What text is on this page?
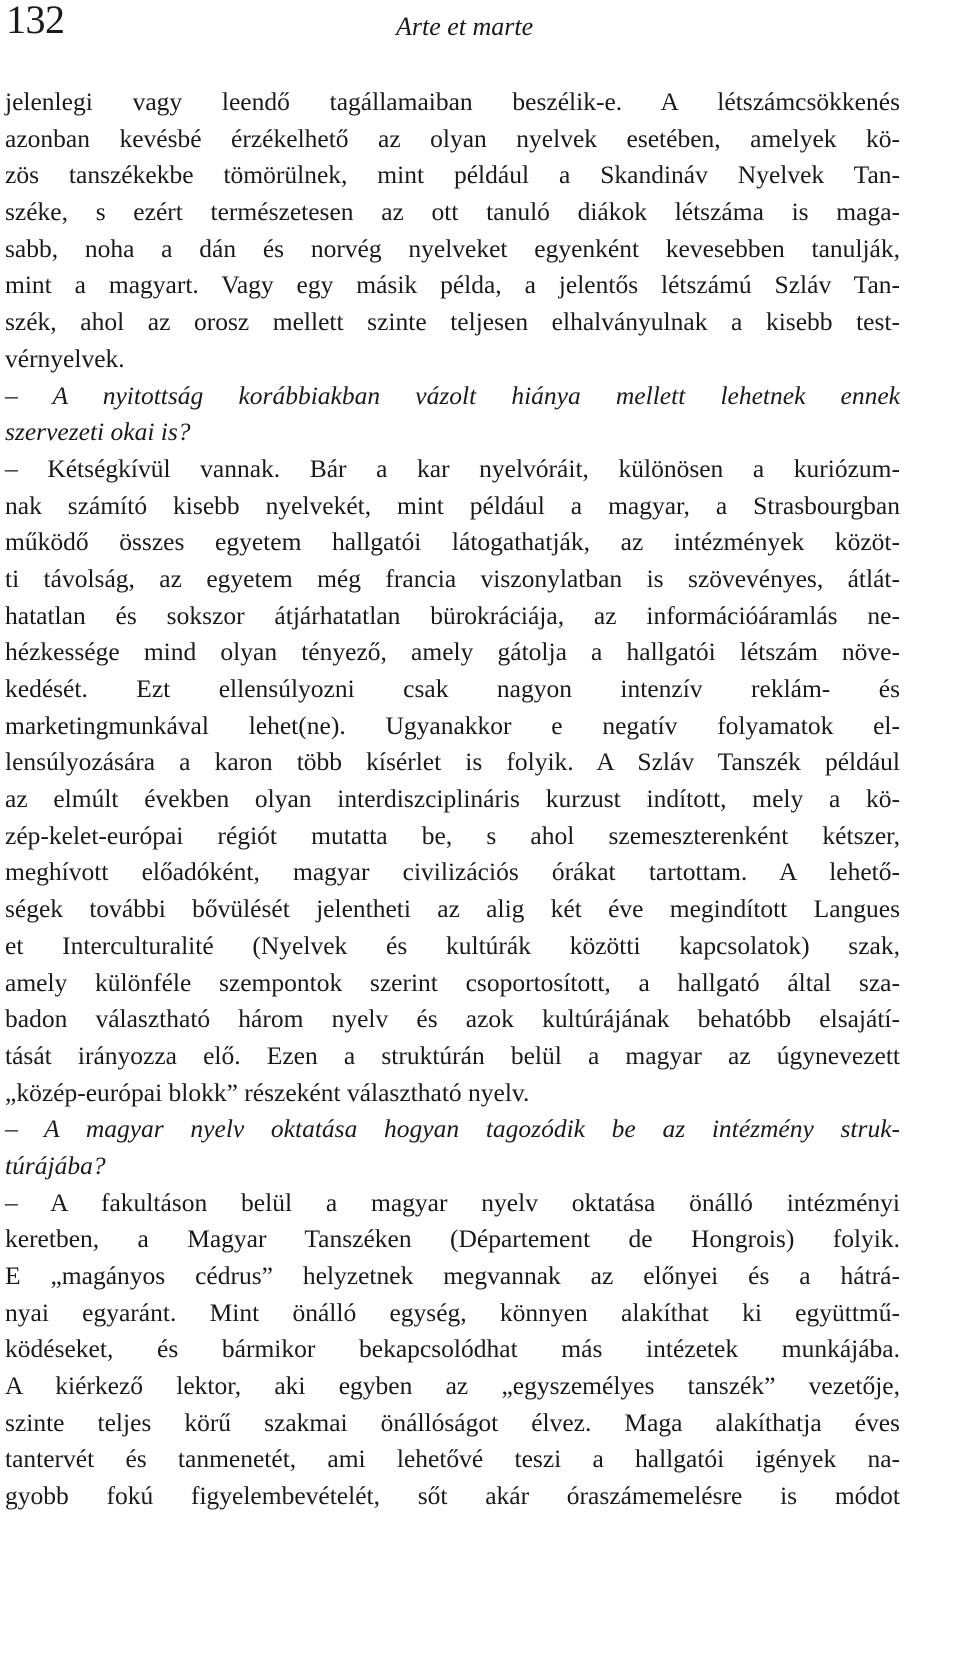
132	Arte et marte
jelenlegi vagy leendő tagállamaiban beszélik-e. A létszámcsökkenés
azonban kevésbé érzékelhető az olyan nyelvek esetében, amelyek kö-
zös tanszékekbe tömörülnek, mint például a Skandináv Nyelvek Tan-
széke, s ezért természetesen az ott tanuló diákok létszáma is maga-
sabb, noha a dán és norvég nyelveket egyenként kevesebben tanulják,
mint a magyart. Vagy egy másik példa, a jelentős létszámú Szláv Tan-
szék, ahol az orosz mellett szinte teljesen elhalványulnak a kisebb test-
vérnyelvek.
– A nyitottság korábbiakban vázolt hiánya mellett lehetnek ennek
szervezeti okai is?
– Kétségkívül vannak. Bár a kar nyelvóráit, különösen a kuriózum-
nak számító kisebb nyelvekét, mint például a magyar, a Strasbourgban
működő összes egyetem hallgatói látogathatják, az intézmények közöt-
ti távolság, az egyetem még francia viszonylatban is szövevényes, átlát-
hatatlan és sokszor átjárhatatlan bürokráciája, az információáramlás ne-
hézkessége mind olyan tényező, amely gátolja a hallgatói létszám növe-
kedését. Ezt ellensúlyozni csak nagyon intenzív reklám- és
marketingmunkával lehet(ne). Ugyanakkor e negatív folyamatok el-
lensúlyozására a karon több kísérlet is folyik. A Szláv Tanszék például
az elmúlt években olyan interdiszciplináris kurzust indított, mely a kö-
zép-kelet-európai régiót mutatta be, s ahol szemeszterenként kétszer,
meghívott előadóként, magyar civilizációs órákat tartottam. A lehető-
ségek további bővülését jelentheti az alig két éve megindított Langues
et Interculturalité (Nyelvek és kultúrák közötti kapcsolatok) szak,
amely különféle szempontok szerint csoportosított, a hallgató által sza-
badon választható három nyelv és azok kultúrájának behatóbb elsajátí-
tását irányozza elő. Ezen a struktúrán belül a magyar az úgynevezett
„közép-európai blokk” részeként választható nyelv.
– A magyar nyelv oktatása hogyan tagozódik be az intézmény struk-
túrájába?
– A fakultáson belül a magyar nyelv oktatása önálló intézményi
keretben, a Magyar Tanszéken (Département de Hongrois) folyik.
E „magányos cédrus” helyzetnek megvannak az előnyei és a hátrá-
nyai egyaránt. Mint önálló egység, könnyen alakíthat ki együttmű-
ködéseket, és bármikor bekapcsolódhat más intézetek munkájába.
A kiérkező lektor, aki egyben az „egyszemélyes tanszék” vezetője,
szinte teljes körű szakmai önállóságot élvez. Maga alakíthatja éves
tantervét és tanmenetét, ami lehetővé teszi a hallgatói igények na-
gyobb fokú figyelembevételét, sőt akár óraszámemelésre is módot
